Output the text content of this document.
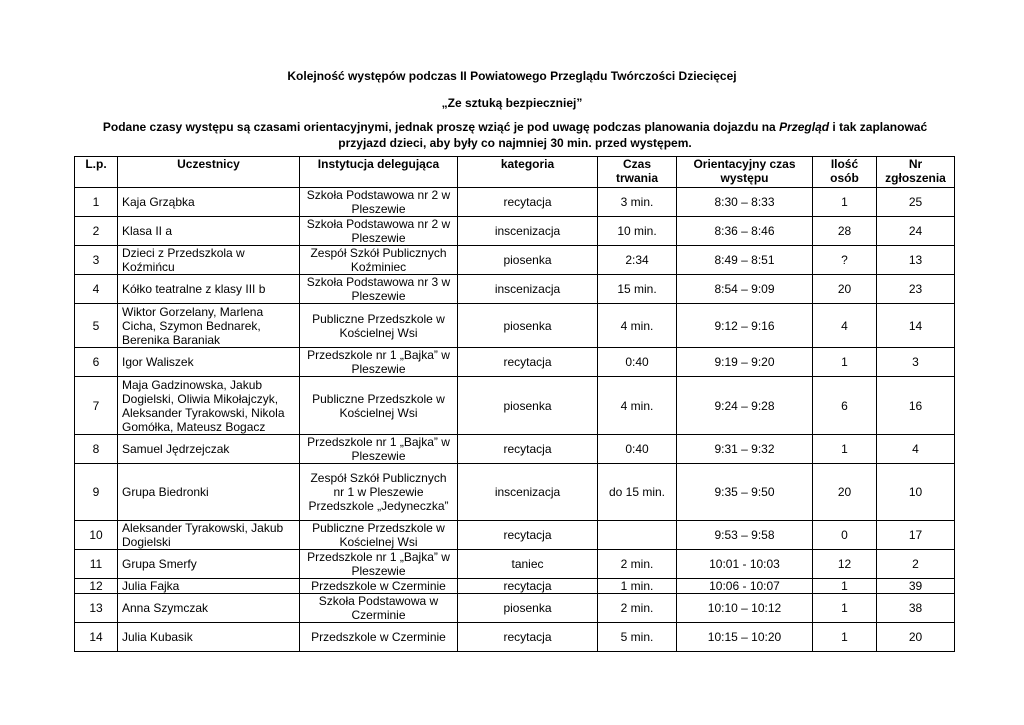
Kolejność występów podczas II Powiatowego Przeglądu Twórczości Dziecięcej
„Ze sztuką bezpieczniej”
Podane czasy występu są czasami orientacyjnymi, jednak proszę wziąć je pod uwagę podczas planowania dojazdu na Przegląd i tak zaplanować przyjazd dzieci, aby były co najmniej 30 min. przed występem.
L.p.	Uczestnicy	Instytucja delegująca	kategoria	Czas trwania	Orientacyjny czas występu	Ilość osób	Nr zgłoszenia
1	Kaja Grząbka	Szkoła Podstawowa nr 2 w Pleszewie	recytacja	3 min.	8:30 – 8:33	1	25
2	Klasa II a	Szkoła Podstawowa nr 2 w Pleszewie	inscenizacja	10 min.	8:36 – 8:46	28	24
3	Dzieci z Przedszkola w Koźmińcu	Zespół Szkół Publicznych Koźminiec	piosenka	2:34	8:49 – 8:51	?	13
4	Kółko teatralne z klasy III b	Szkoła Podstawowa nr 3 w Pleszewie	inscenizacja	15 min.	8:54 – 9:09	20	23
5	Wiktor Gorzelany, Marlena Cicha, Szymon Bednarek, Berenika Baraniak	Publiczne Przedszkole w Kościelnej Wsi	piosenka	4 min.	9:12 – 9:16	4	14
6	Igor Waliszek	Przedszkole nr 1 „Bajka” w Pleszewie	recytacja	0:40	9:19 – 9:20	1	3
7	Maja Gadzinowska, Jakub Dogielski, Oliwia Mikołajczyk, Aleksander Tyrakowski, Nikola Gomółka, Mateusz Bogacz	Publiczne Przedszkole w Kościelnej Wsi	piosenka	4 min.	9:24 – 9:28	6	16
8	Samuel Jędrzejczak	Przedszkole nr 1 „Bajka” w Pleszewie	recytacja	0:40	9:31 – 9:32	1	4
9	Grupa Biedronki	Zespół Szkół Publicznych nr 1 w Pleszewie Przedszkole „Jedyneczka”	inscenizacja	do 15 min.	9:35 – 9:50	20	10
10	Aleksander Tyrakowski, Jakub Dogielski	Publiczne Przedszkole w Kościelnej Wsi	recytacja		9:53 – 9:58	0	17
11	Grupa Smerfy	Przedszkole nr 1 „Bajka” w Pleszewie	taniec	2 min.	10:01 - 10:03	12	2
12	Julia Fajka	Przedszkole w Czerminie	recytacja	1 min.	10:06 - 10:07	1	39
13	Anna Szymczak	Szkoła Podstawowa w Czerminie	piosenka	2 min.	10:10 – 10:12	1	38
14	Julia Kubasik	Przedszkole w Czerminie	recytacja	5 min.	10:15 – 10:20	1	20
